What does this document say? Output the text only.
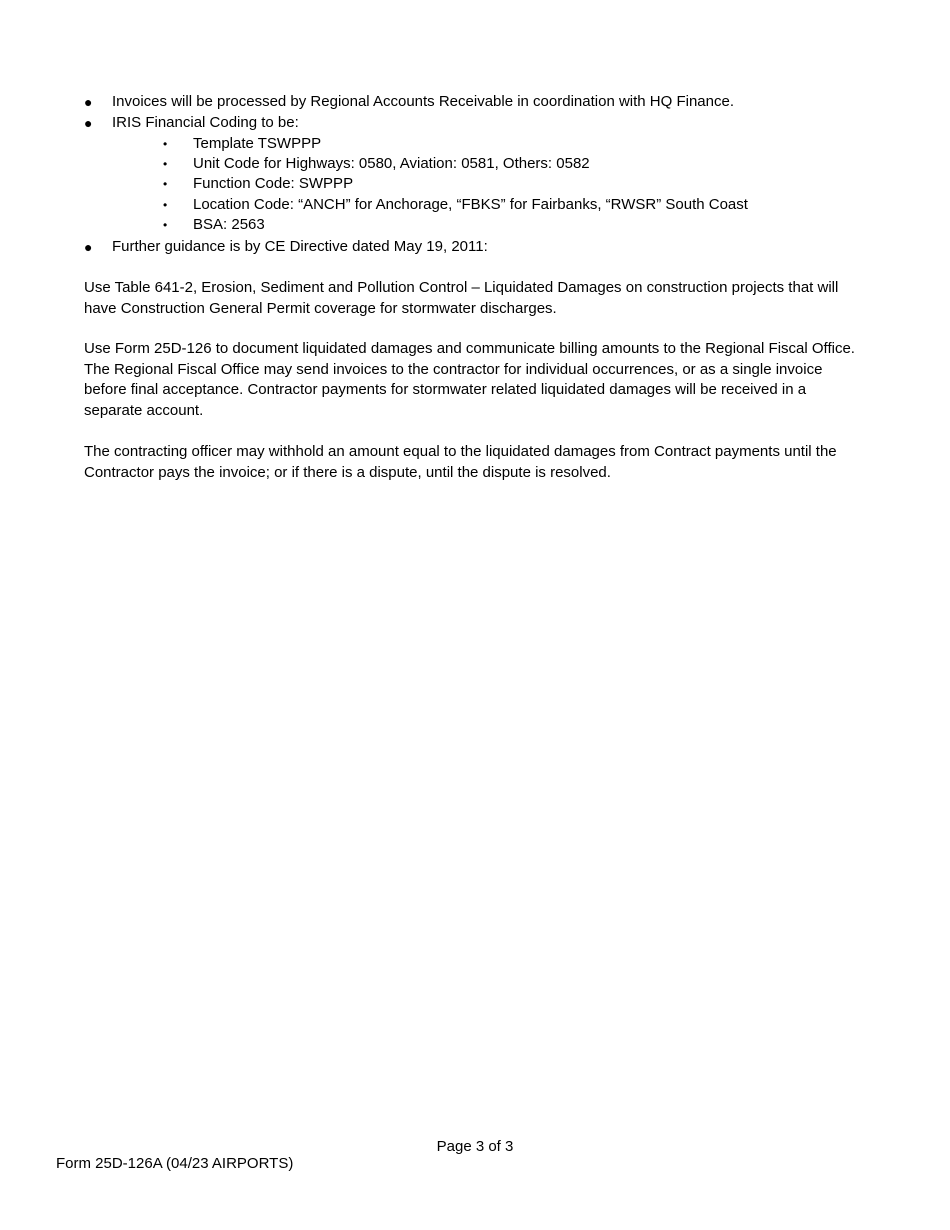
●	Invoices will be processed by Regional Accounts Receivable in coordination with HQ Finance.
●	IRIS Financial Coding to be:
• Template TSWPPP
• Unit Code for Highways: 0580, Aviation: 0581, Others: 0582
• Function Code: SWPPP
• Location Code: “ANCH” for Anchorage, “FBKS” for Fairbanks, “RWSR” South Coast
• BSA: 2563
●	Further guidance is by CE Directive dated May 19, 2011:

Use Table 641-2, Erosion, Sediment and Pollution Control – Liquidated Damages on construction projects that will have Construction General Permit coverage for stormwater discharges.

Use Form 25D-126 to document liquidated damages and communicate billing amounts to the Regional Fiscal Office. The Regional Fiscal Office may send invoices to the contractor for individual occurrences, or as a single invoice before final acceptance. Contractor payments for stormwater related liquidated damages will be received in a separate account.

The contracting officer may withhold an amount equal to the liquidated damages from Contract payments until the Contractor pays the invoice; or if there is a dispute, until the dispute is resolved.

Page 3 of 3
Form 25D-126A (04/23 AIRPORTS)
